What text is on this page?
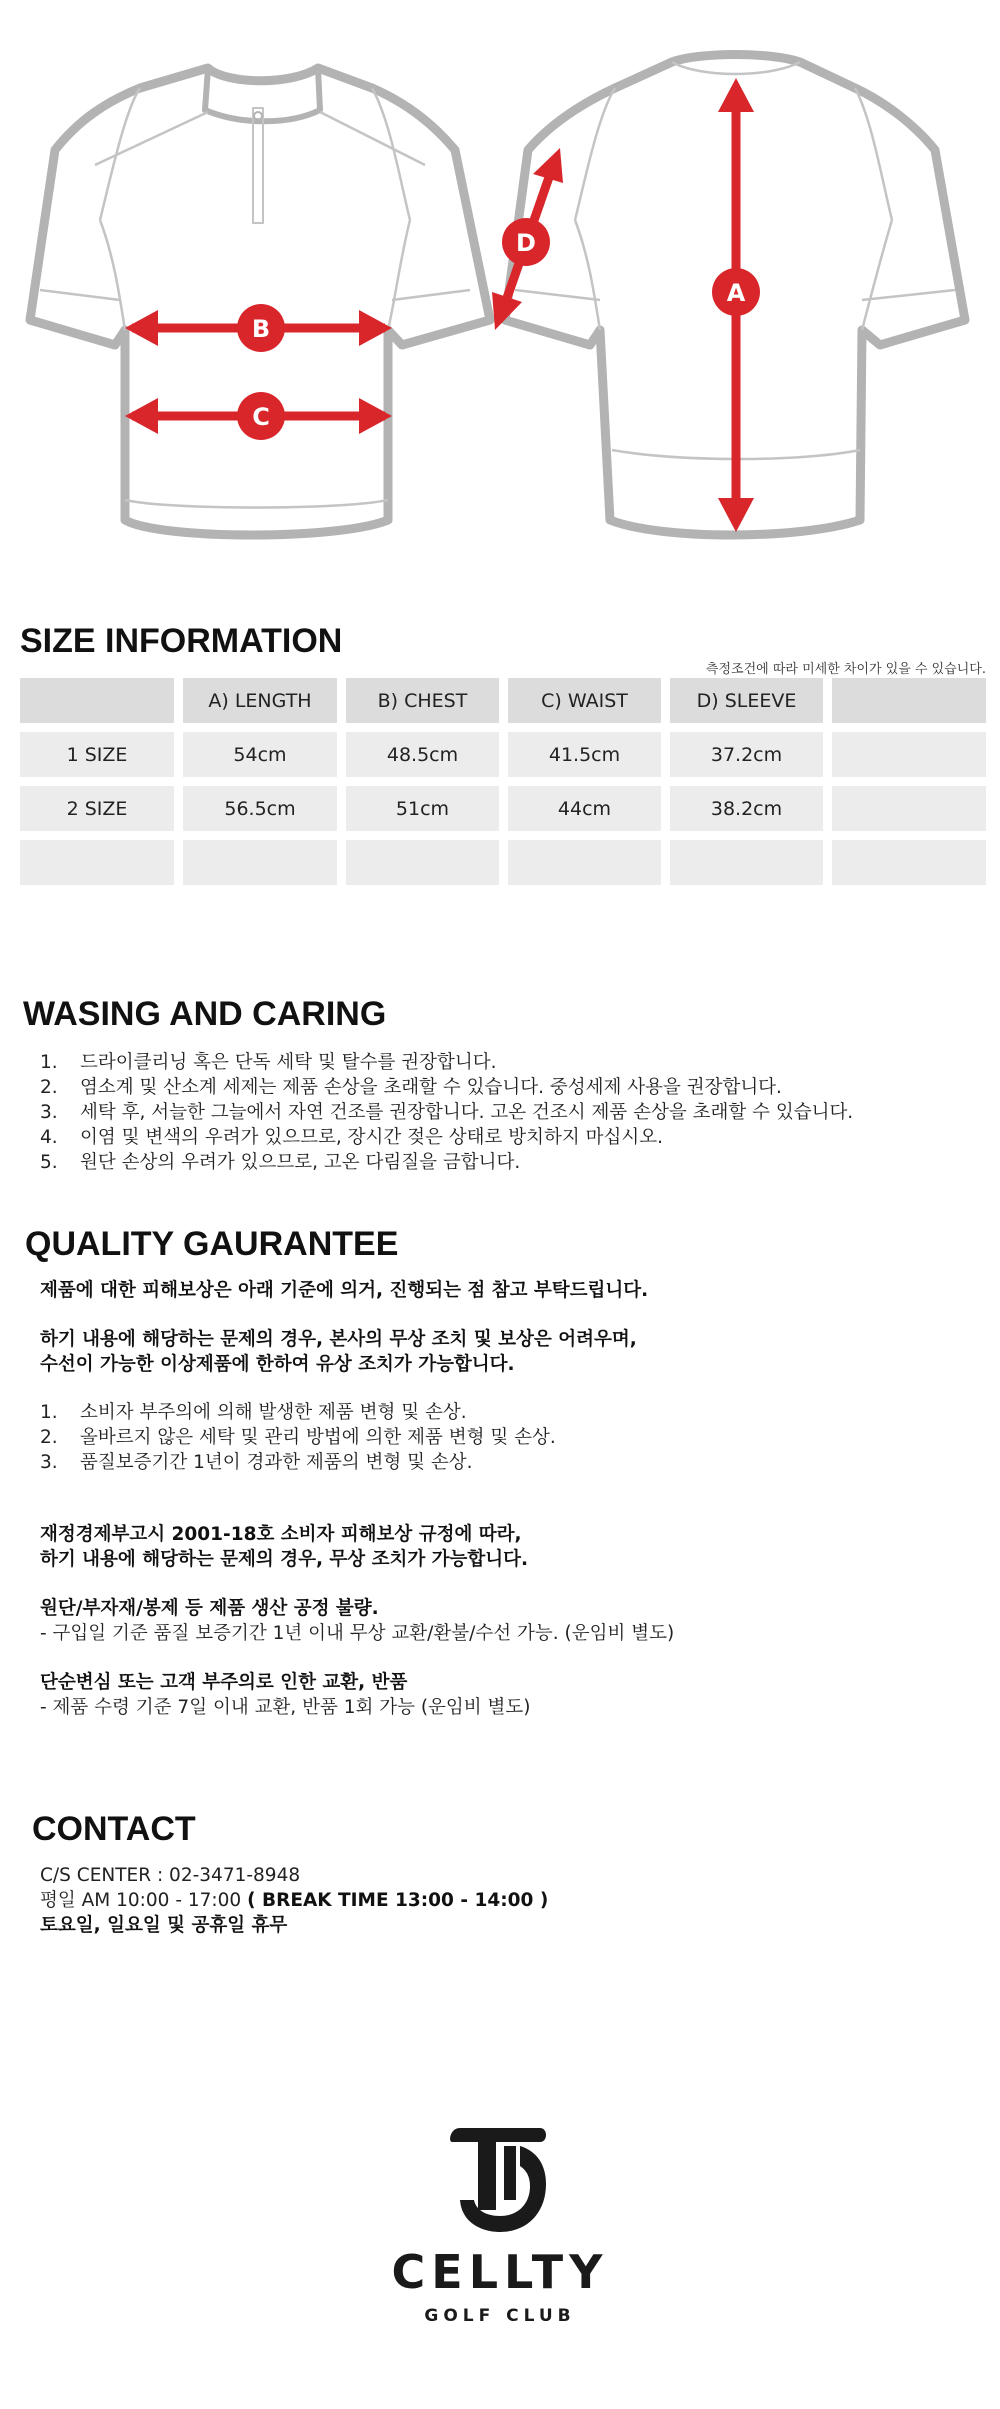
B
C
A
D
SIZE INFORMATION
측정조건에 따라 미세한 차이가 있을 수 있습니다.
A) LENGTH	B) CHEST	C) WAIST	D) SLEEVE
1 SIZE	54cm	48.5cm	41.5cm	37.2cm
2 SIZE	56.5cm	51cm	44cm	38.2cm
WASING AND CARING
1.	드라이클리닝 혹은 단독 세탁 및 탈수를 권장합니다.
2.	염소계 및 산소계 세제는 제품 손상을 초래할 수 있습니다. 중성세제 사용을 권장합니다.
3.	세탁 후, 서늘한 그늘에서 자연 건조를 권장합니다. 고온 건조시 제품 손상을 초래할 수 있습니다.
4.	이염 및 변색의 우려가 있으므로, 장시간 젖은 상태로 방치하지 마십시오.
5.	원단 손상의 우려가 있으므로, 고온 다림질을 금합니다.
QUALITY GAURANTEE
제품에 대한 피해보상은 아래 기준에 의거, 진행되는 점 참고 부탁드립니다.
하기 내용에 해당하는 문제의 경우, 본사의 무상 조치 및 보상은 어려우며,
수선이 가능한 이상제품에 한하여 유상 조치가 가능합니다.
1.	소비자 부주의에 의해 발생한 제품 변형 및 손상.
2.	올바르지 않은 세탁 및 관리 방법에 의한 제품 변형 및 손상.
3.	품질보증기간 1년이 경과한 제품의 변형 및 손상.
재정경제부고시 2001-18호 소비자 피해보상 규정에 따라,
하기 내용에 해당하는 문제의 경우, 무상 조치가 가능합니다.
원단/부자재/봉제 등 제품 생산 공정 불량.
- 구입일 기준 품질 보증기간 1년 이내 무상 교환/환불/수선 가능. (운임비 별도)
단순변심 또는 고객 부주의로 인한 교환, 반품
- 제품 수령 기준 7일 이내 교환, 반품 1회 가능 (운임비 별도)
CONTACT
C/S CENTER : 02-3471-8948
평일 AM 10:00 - 17:00 ( BREAK TIME 13:00 - 14:00 )
토요일, 일요일 및 공휴일 휴무
CELLTY
GOLF CLUB
